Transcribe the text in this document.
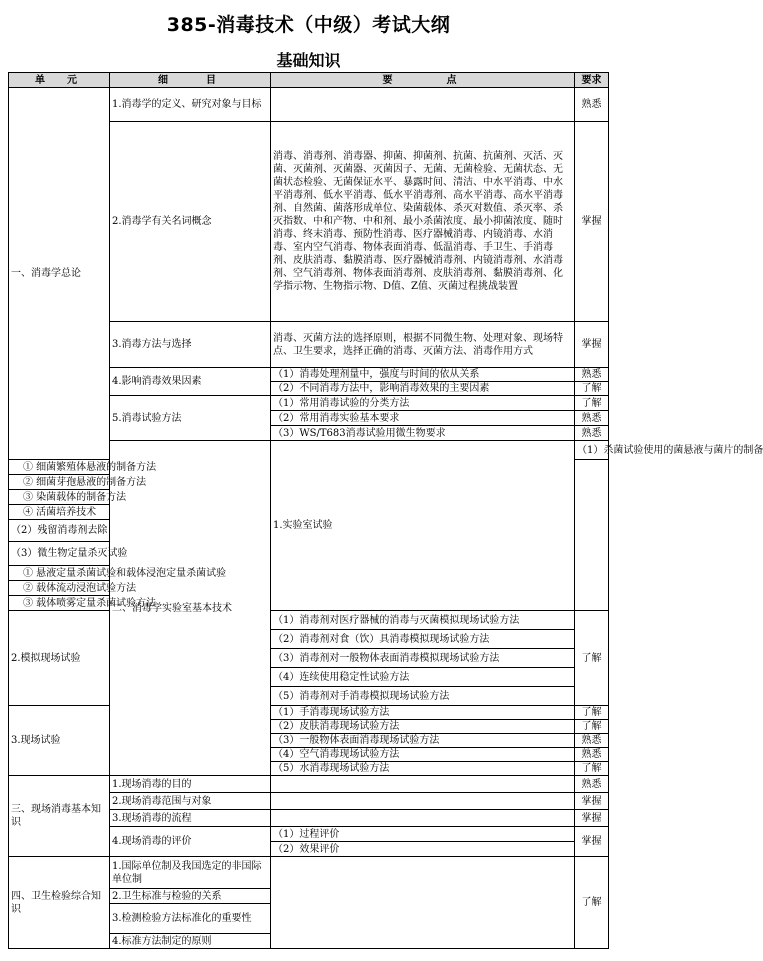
385-消毒技术（中级）考试大纲
基础知识
单　元	细　　目	要　　　点	要求	
一、消毒学总论	1.消毒学的定义、研究对象与目标		熟悉	
	2.消毒学有关名词概念	消毒、消毒剂、消毒器、抑菌、抑菌剂、抗菌、抗菌剂、灭活、灭菌、灭菌剂、灭菌器、灭菌因子、无菌、无菌检验、无菌状态、无菌状态检验、无菌保证水平、暴露时间、清洁、中水平消毒、中水平消毒剂、低水平消毒、低水平消毒剂、高水平消毒、高水平消毒剂、自然菌、菌落形成单位、染菌载体、杀灭对数值、杀灭率、杀灭指数、中和产物、中和剂、最小杀菌浓度、最小抑菌浓度、随时消毒、终末消毒、预防性消毒、医疗器械消毒、内镜消毒、水消毒、室内空气消毒、物体表面消毒、低温消毒、手卫生、手消毒剂、皮肤消毒、黏膜消毒、医疗器械消毒剂、内镜消毒剂、水消毒剂、空气消毒剂、物体表面消毒剂、皮肤消毒剂、黏膜消毒剂、化学指示物、生物指示物、D值、Z值、灭菌过程挑战装置	掌握	
	3.消毒方法与选择	消毒、灭菌方法的选择原则，根据不同微生物、处理对象、现场特点、卫生要求，选择正确的消毒、灭菌方法、消毒作用方式	掌握	
	4.影响消毒效果因素	（1）消毒处理剂量中，强度与时间的依从关系	熟悉	
		（2）不同消毒方法中，影响消毒效果的主要因素	了解	
	5.消毒试验方法	（1）常用消毒试验的分类方法	了解	
		（2）常用消毒实验基本要求	熟悉	
		（3）WS/T683消毒试验用微生物要求	熟悉	
	二、消毒学实验室基本技术	1.实验室试验	（1）杀菌试验使用的菌悬液与菌片的制备	
① 细菌繁殖体悬液的制备方法				
② 细菌芽孢悬液的制备方法				
③ 染菌载体的制备方法				
④ 活菌培养技术				
（2）残留消毒剂去除				
（3）微生物定量杀灭试验				
① 悬液定量杀菌试验和载体浸泡定量杀菌试验				
② 载体流动浸泡试验方法				
③ 载体喷雾定量杀菌试验方法				
2.模拟现场试验		（1）消毒剂对医疗器械的消毒与灭菌模拟现场试验方法	了解	
		（2）消毒剂对食（饮）具消毒模拟现场试验方法		
		（3）消毒剂对一般物体表面消毒模拟现场试验方法		
		（4）连续使用稳定性试验方法		
		（5）消毒剂对手消毒模拟现场试验方法		
3.现场试验		（1）手消毒现场试验方法	了解	
		（2）皮肤消毒现场试验方法	了解	
		（3）一般物体表面消毒现场试验方法	熟悉	
		（4）空气消毒现场试验方法	熟悉	
		（5）水消毒现场试验方法	了解	
三、现场消毒基本知识	1.现场消毒的目的		熟悉	
	2.现场消毒范围与对象		掌握	
	3.现场消毒的流程		掌握	
	4.现场消毒的评价	（1）过程评价	掌握	
		（2）效果评价		
四、卫生检验综合知识	1.国际单位制及我国选定的非国际单位制		了解	
	2.卫生标准与检验的关系			
	3.检测检验方法标准化的重要性			
	4.标准方法制定的原则			
